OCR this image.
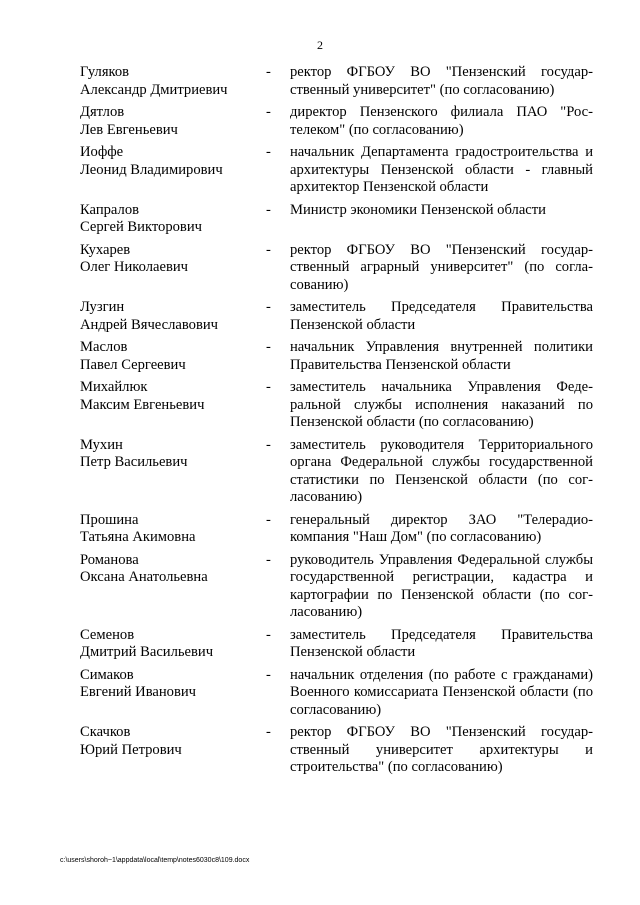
2
Гуляков
Александр Дмитриевич
-	ректор ФГБОУ ВО "Пензенский государственный университет" (по согласованию)
Дятлов
Лев Евгеньевич
-	директор Пензенского филиала ПАО "Ростелеком" (по согласованию)
Иоффе
Леонид Владимирович
-	начальник Департамента градостроительства и архитектуры Пензенской области - главный архитектор Пензенской области
Капралов
Сергей Викторович
-	Министр экономики Пензенской области
Кухарев
Олег Николаевич
-	ректор ФГБОУ ВО "Пензенский государственный аграрный университет" (по согласованию)
Лузгин
Андрей Вячеславович
-	заместитель Председателя Правительства Пензенской области
Маслов
Павел Сергеевич
-	начальник Управления внутренней политики Правительства Пензенской области
Михайлюк
Максим Евгеньевич
-	заместитель начальника Управления Федеральной службы исполнения наказаний по Пензенской области (по согласованию)
Мухин
Петр Васильевич
-	заместитель руководителя Территориального органа Федеральной службы государственной статистики по Пензенской области (по согласованию)
Прошина
Татьяна Акимовна
-	генеральный директор ЗАО "Телерадиокомпания "Наш Дом" (по согласованию)
Романова
Оксана Анатольевна
-	руководитель Управления Федеральной службы государственной регистрации, кадастра и картографии по Пензенской области (по согласованию)
Семенов
Дмитрий Васильевич
-	заместитель Председателя Правительства Пензенской области
Симаков
Евгений Иванович
-	начальник отделения (по работе с гражданами) Военного комиссариата Пензенской области (по согласованию)
Скачков
Юрий Петрович
-	ректор ФГБОУ ВО "Пензенский государственный университет архитектуры и строительства" (по согласованию)
c:\users\shoroh~1\appdata\local\temp\notes6030c8\109.docx
